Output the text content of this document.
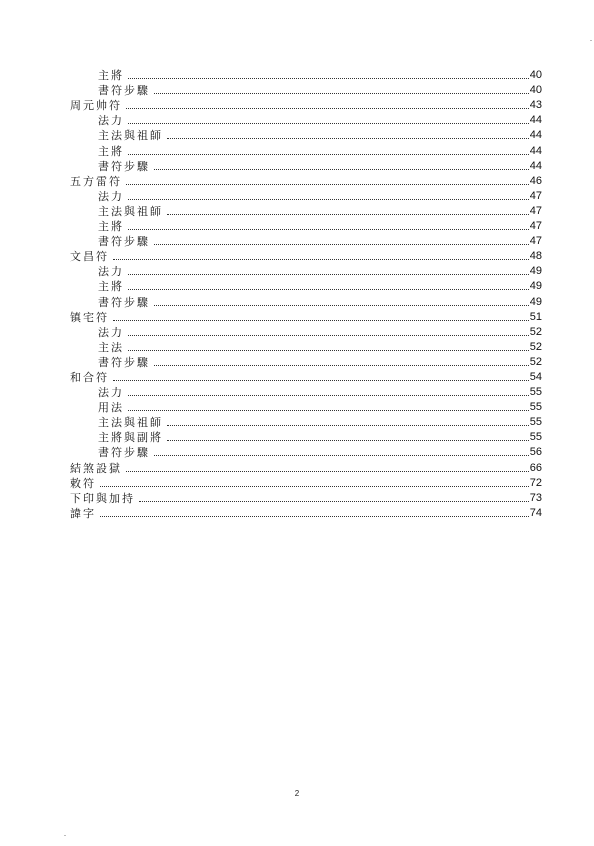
主將	40
書符步驟	40
周元帅符	43
法力	44
主法與祖師	44
主將	44
書符步驟	44
五方雷符	46
法力	47
主法與祖師	47
主將	47
書符步驟	47
文昌符	48
法力	49
主將	49
書符步驟	49
镇宅符	51
法力	52
主法	52
書符步驟	52
和合符	54
法力	55
用法	55
主法與祖師	55
主將與副將	55
書符步驟	56
結煞設獄	66
敕符	72
下印與加持	73
諱字	74
2
